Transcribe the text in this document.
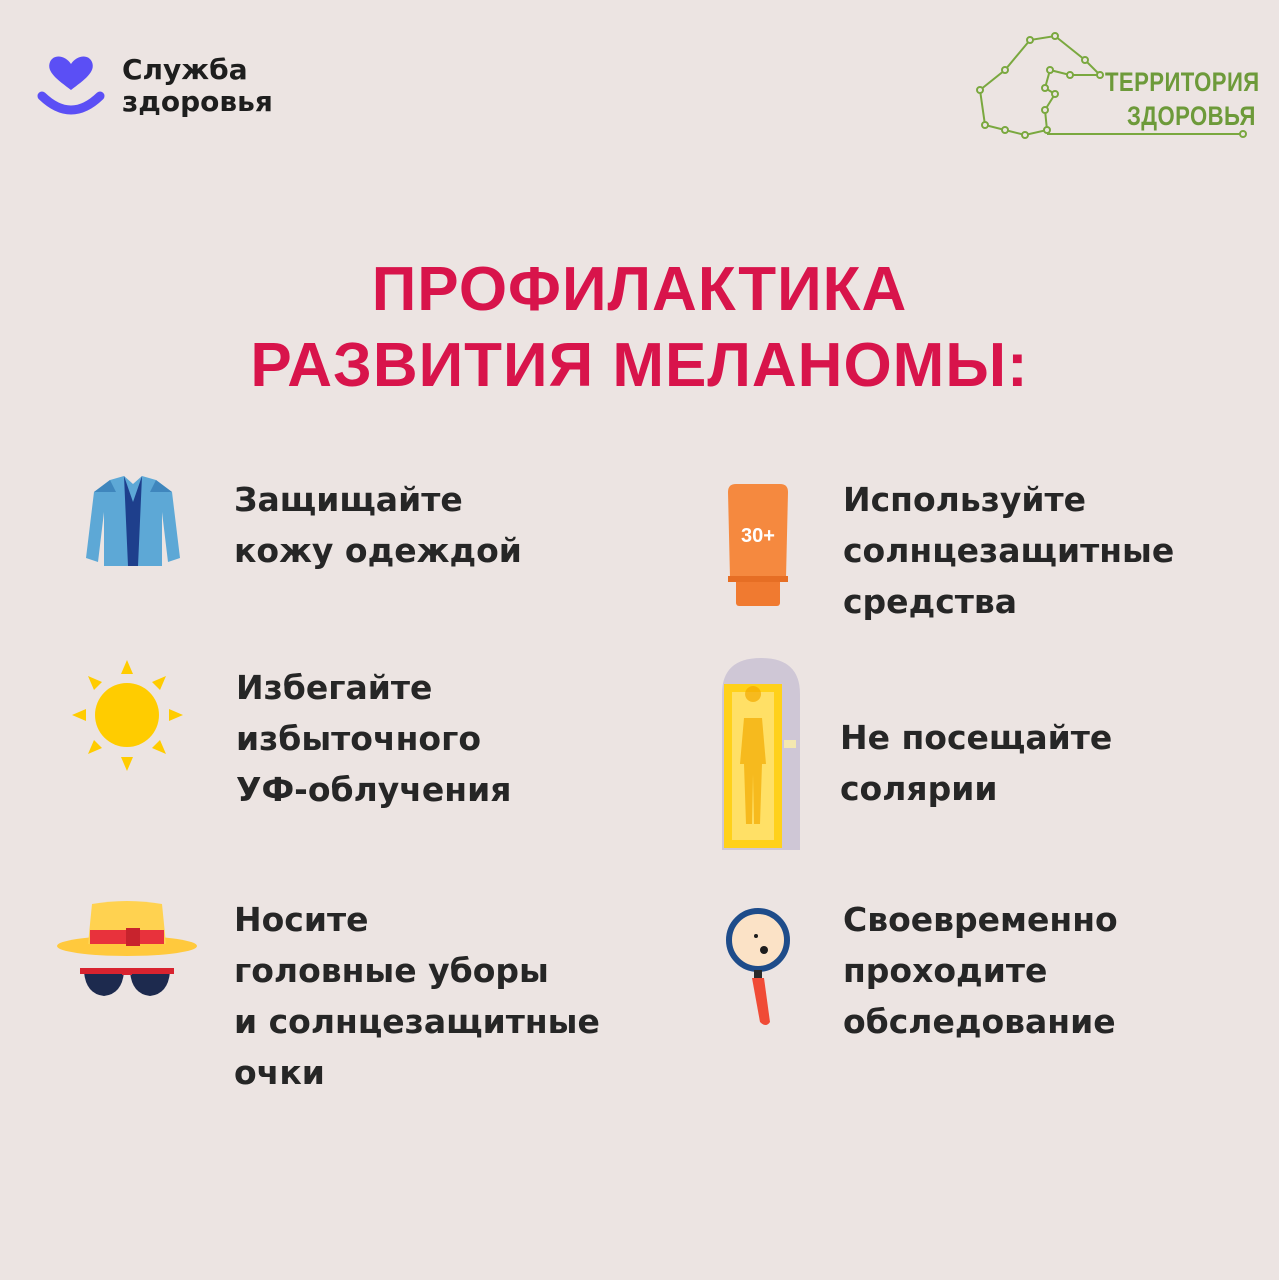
Служба
здоровья
ТЕРРИТОРИЯ
ЗДОРОВЬЯ
ПРОФИЛАКТИКА
РАЗВИТИЯ МЕЛАНОМЫ:
Защищайте
кожу одеждой	30+
Используйте
солнцезащитные
средства
Избегайте
избыточного
УФ-облучения
Не посещайте
солярии
Носите
головные уборы
и солнцезащитные
очки
Своевременно
проходите
обследование
